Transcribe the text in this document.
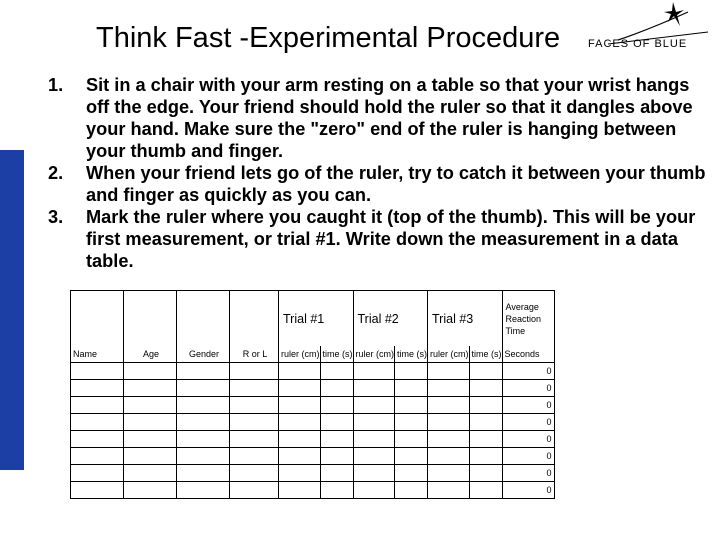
Think Fast -Experimental Procedure	FACES OF BLUE
1. Sit in a chair with your arm resting on a table so that your wrist hangs off the edge. Your friend should hold the ruler so that it dangles above your hand. Make sure the "zero" end of the ruler is hanging between your thumb and finger.
2. When your friend lets go of the ruler, try to catch it between your thumb and finger as quickly as you can.
3. Mark the ruler where you caught it (top of the thumb). This will be your first measurement, or trial #1. Write down the measurement in a data table.
				Trial #1		Trial #2		Trial #3		Average Reaction Time
Name	Age	Gender	R or L	ruler (cm)	time (s)	ruler (cm)	time (s)	ruler (cm)	time (s)	Seconds
										0
										0
										0
										0
										0
										0
										0
										0
